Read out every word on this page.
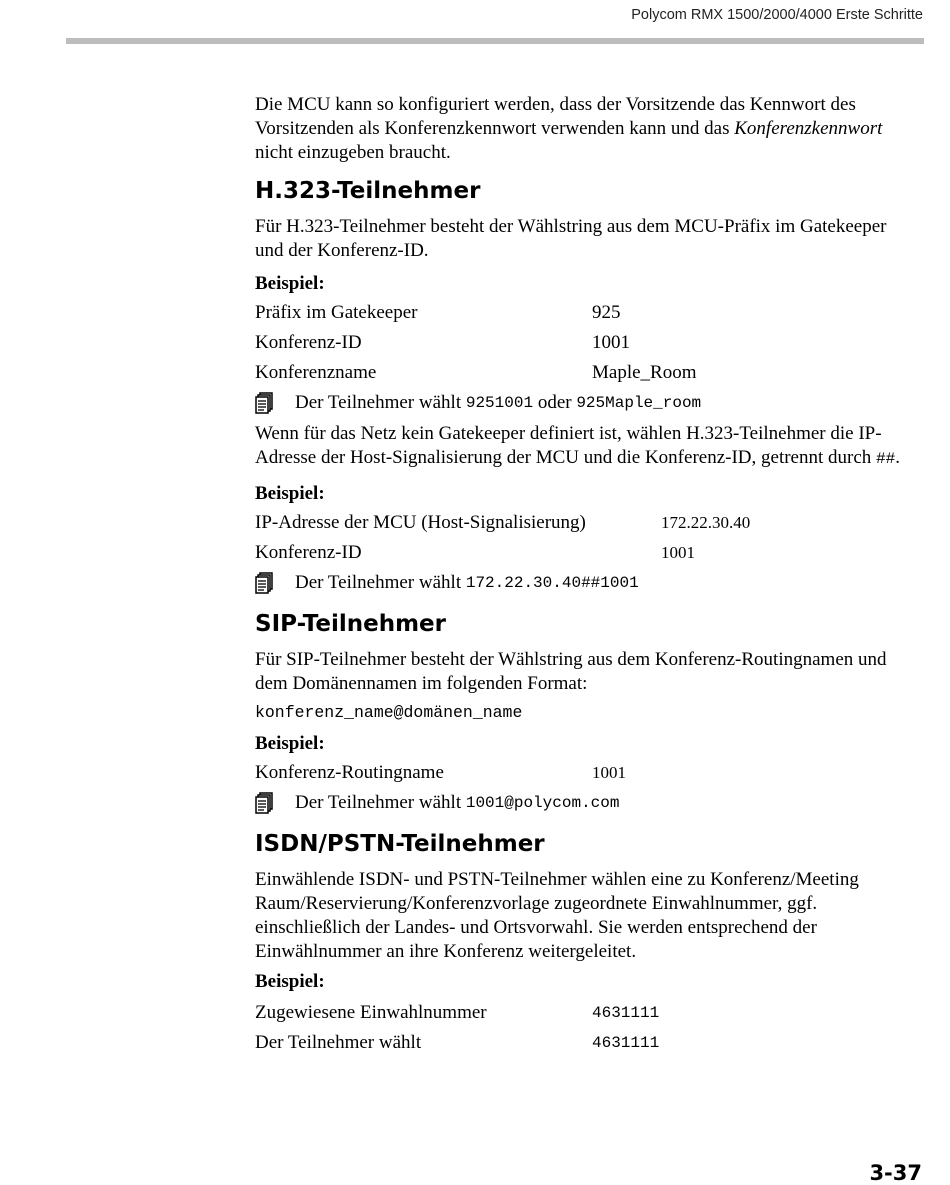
Polycom RMX 1500/2000/4000 Erste Schritte

Die MCU kann so konfiguriert werden, dass der Vorsitzende das Kennwort des Vorsitzenden als Konferenzkennwort verwenden kann und das Konferenzkennwort nicht einzugeben braucht.

H.323-Teilnehmer

Für H.323-Teilnehmer besteht der Wählstring aus dem MCU-Präfix im Gatekeeper und der Konferenz-ID.

Beispiel:
Präfix im Gatekeeper	925
Konferenz-ID	1001
Konferenzname	Maple_Room
Der Teilnehmer wählt
9251001 oder 925Maple_room

Wenn für das Netz kein Gatekeeper definiert ist, wählen H.323-Teilnehmer die IP-Adresse der Host-Signalisierung der MCU und die Konferenz-ID, getrennt durch ##.

Beispiel:
IP-Adresse der MCU (Host-Signalisierung)	172.22.30.40
Konferenz-ID	1001
Der Teilnehmer wählt
172.22.30.40##1001
SIP-Teilnehmer

Für SIP-Teilnehmer besteht der Wählstring aus dem Konferenz-Routingnamen und dem Domänennamen im folgenden Format:

konferenz_name@domänen_name
Beispiel:
Konferenz-Routingname	1001
Der Teilnehmer wählt
1001@polycom.com
ISDN/PSTN-Teilnehmer

Einwählende ISDN- und PSTN-Teilnehmer wählen eine zu Konferenz/Meeting Raum/Reservierung/Konferenzvorlage zugeordnete Einwahlnummer, ggf. einschließlich der Landes- und Ortsvorwahl. Sie werden entsprechend der Einwählnummer an ihre Konferenz weitergeleitet.

Beispiel:
Zugewiesene Einwahlnummer	4631111
Der Teilnehmer wählt	4631111
3-37
